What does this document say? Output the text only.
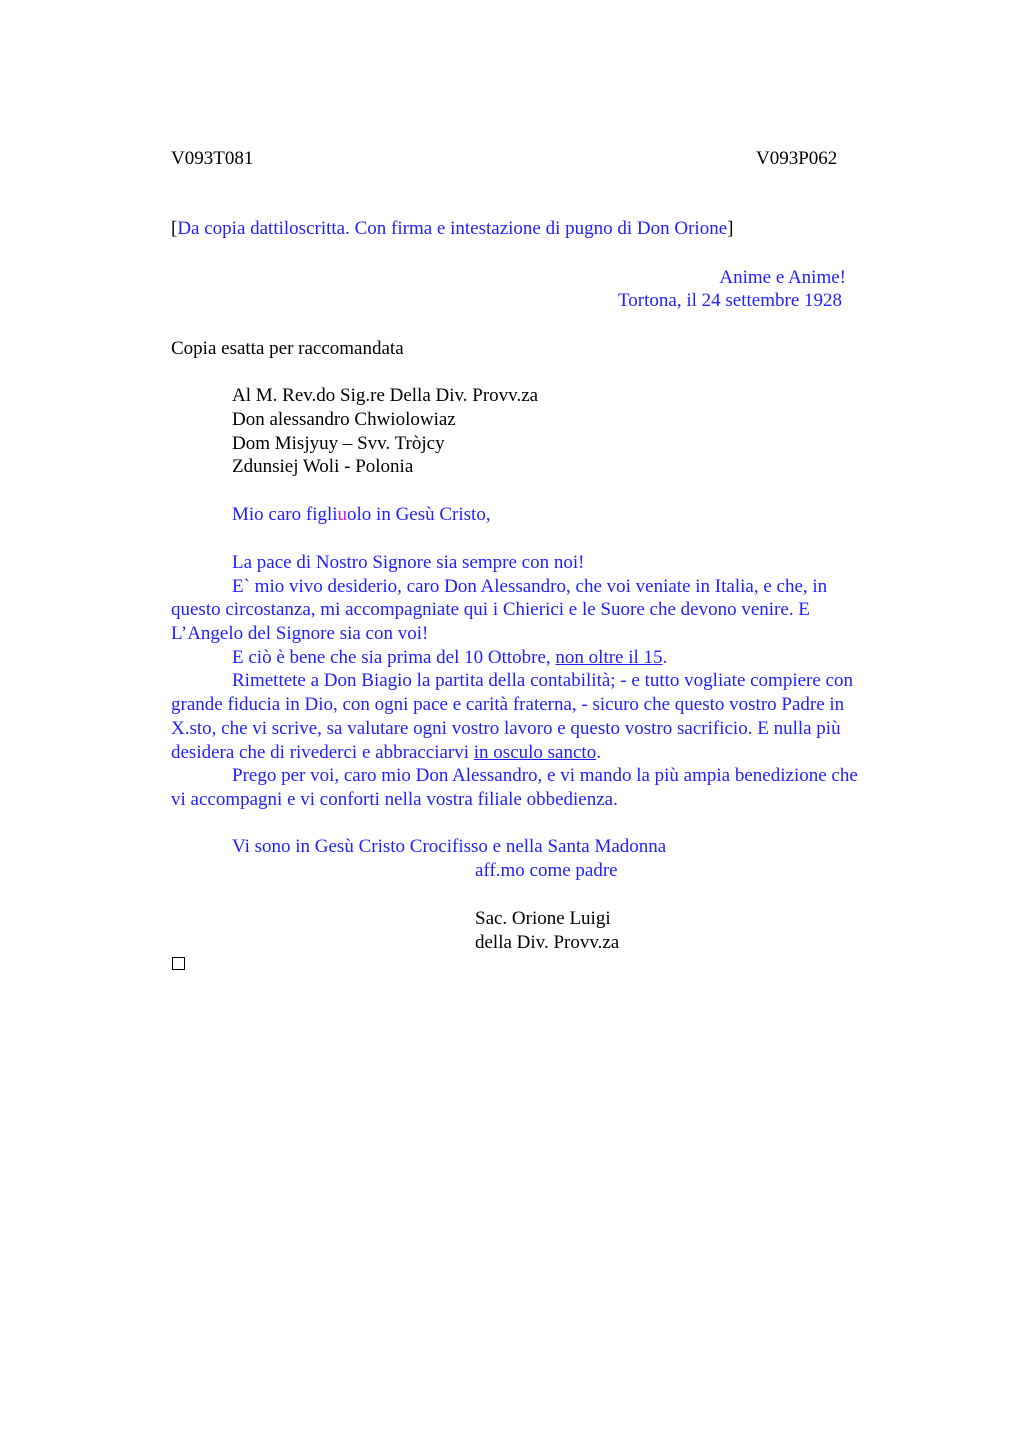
V093T081	V093P062
[Da copia dattiloscritta. Con firma e intestazione di pugno di Don Orione]
Anime e Anime!
Tortona, il 24 settembre 1928
Copia esatta per raccomandata
Al M. Rev.do Sig.re Della Div. Provv.za
Don alessandro Chwiolowiaz
Dom Misjyuy – Svv. Tròjcy
Zdunsiej Woli - Polonia
Mio caro figliuolo in Gesù Cristo,
La pace di Nostro Signore sia sempre con noi!
E` mio vivo desiderio, caro Don Alessandro, che voi veniate in Italia, e che, in
questo circostanza, mi accompagniate qui i Chierici e le Suore che devono venire. E
L’Angelo del Signore sia con voi!
E ciò è bene che sia prima del 10 Ottobre, non oltre il 15.
Rimettete a Don Biagio la partita della contabilità; - e tutto vogliate compiere con
grande fiducia in Dio, con ogni pace e carità fraterna, - sicuro che questo vostro Padre in
X.sto, che vi scrive, sa valutare ogni vostro lavoro e questo vostro sacrificio. E nulla più
desidera che di rivederci e abbracciarvi in osculo sancto.
Prego per voi, caro mio Don Alessandro, e vi mando la più ampia benedizione che
vi accompagni e vi conforti nella vostra filiale obbedienza.
Vi sono in Gesù Cristo Crocifisso e nella Santa Madonna
aff.mo come padre
Sac. Orione Luigi
della Div. Provv.za
